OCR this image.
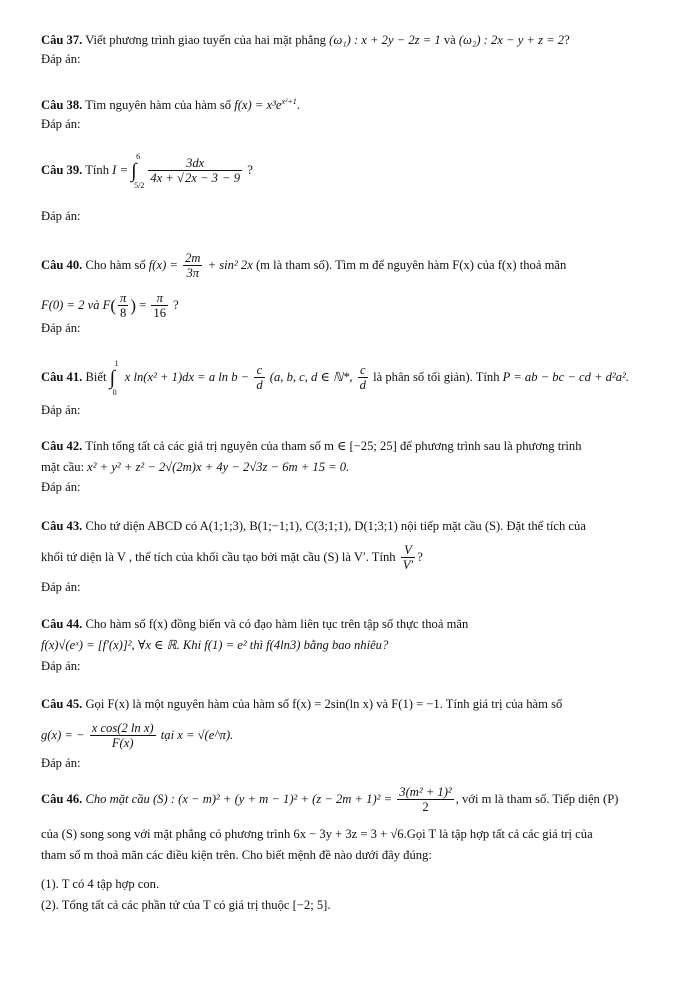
Câu 37. Viết phương trình giao tuyến của hai mặt phẳng (ω₁) : x + 2y − 2z = 1 và (ω₂) : 2x − y + z = 2?
Đáp án:
Câu 38. Tìm nguyên hàm của hàm số $f(x) = x^3e^{x^2+1}$.
Đáp án:
Câu 39. Tính I = ∫
6
5/2
$\frac{3dx}{4x + √2x - 3 - 9}$ ?
Đáp án:
Câu 40. Cho hàm số $f(x) = \frac{2m}{3\pi} + \sin^2$ 2x (m là tham số). Tìm m để nguyên hàm F(x) của f(x) thoả mãn
F(0) = 2 và $F( \frac{\pi}{8}$ ) = $\frac{\pi}{16}$ ?
Đáp án:
Câu 41. Biết ∫
1
0
x ln(x² + 1)dx = a $\ln b - \frac{c}{d} (a$, b, c, d ∈ ℕ*, $\frac{c}{d}$ là phân số tối giản). Tính P = ab − bc − cd + d²a².
Đáp án:
Câu 42. Tính tổng tất cả các giá trị nguyên của tham số m ∈ [−25; 25] để phương trình sau là phương trình
mặt cầu: x² + y² + z² − 2√(2m)x + 4y − 2√3z − 6m + 15 = 0.
Đáp án:
Câu 43. Cho tứ diện ABCD có A(1;1;3), B(1;−1;1), C(3;1;1), D(1;3;1) nội tiếp mặt cầu (S). Đặt thể tích của
khối tứ diện là V , thể tích của khối cầu tạo bởi mặt cầu (S) là V′. Tính $\frac{V}{V'}$ ?
Đáp án:
Câu 44. Cho hàm số f(x) đồng biến và có đạo hàm liên tục trên tập số thực thoả mãn
f(x)√(eˣ) = [f′(x)]², ∀x ∈ ℝ. Khi f(1) = e² thì f(4ln3) bằng bao nhiêu?
Đáp án:
Câu 45. Gọi F(x) là một nguyên hàm của hàm số f(x) = 2sin(ln x) và F(1) = −1. Tính giá trị của hàm số
g(x) = − $\frac{\text{x cos(2 ln x)}}{F(x)}$ tại x = √(e^π).
Đáp án:
Câu 46. Cho mặt cầu (S) : $(x - m)^2 + (y + m - 1)^2 + (z - 2m + 1)^2 = \frac{\text{3(m² + 1)²}}{2}$ , với m là tham số. Tiếp diện (P)
của (S) song song với mặt phẳng có phương trình 6x − 3y + 3z = 3 + √6.Gọi T là tập hợp tất cả các giá trị của
tham số m thoả mãn các điều kiện trên. Cho biết mệnh đề nào dưới đây đúng:
(1). T có 4 tập hợp con.
(2). Tổng tất cả các phần tử của T có giá trị thuộc [−2; 5].
